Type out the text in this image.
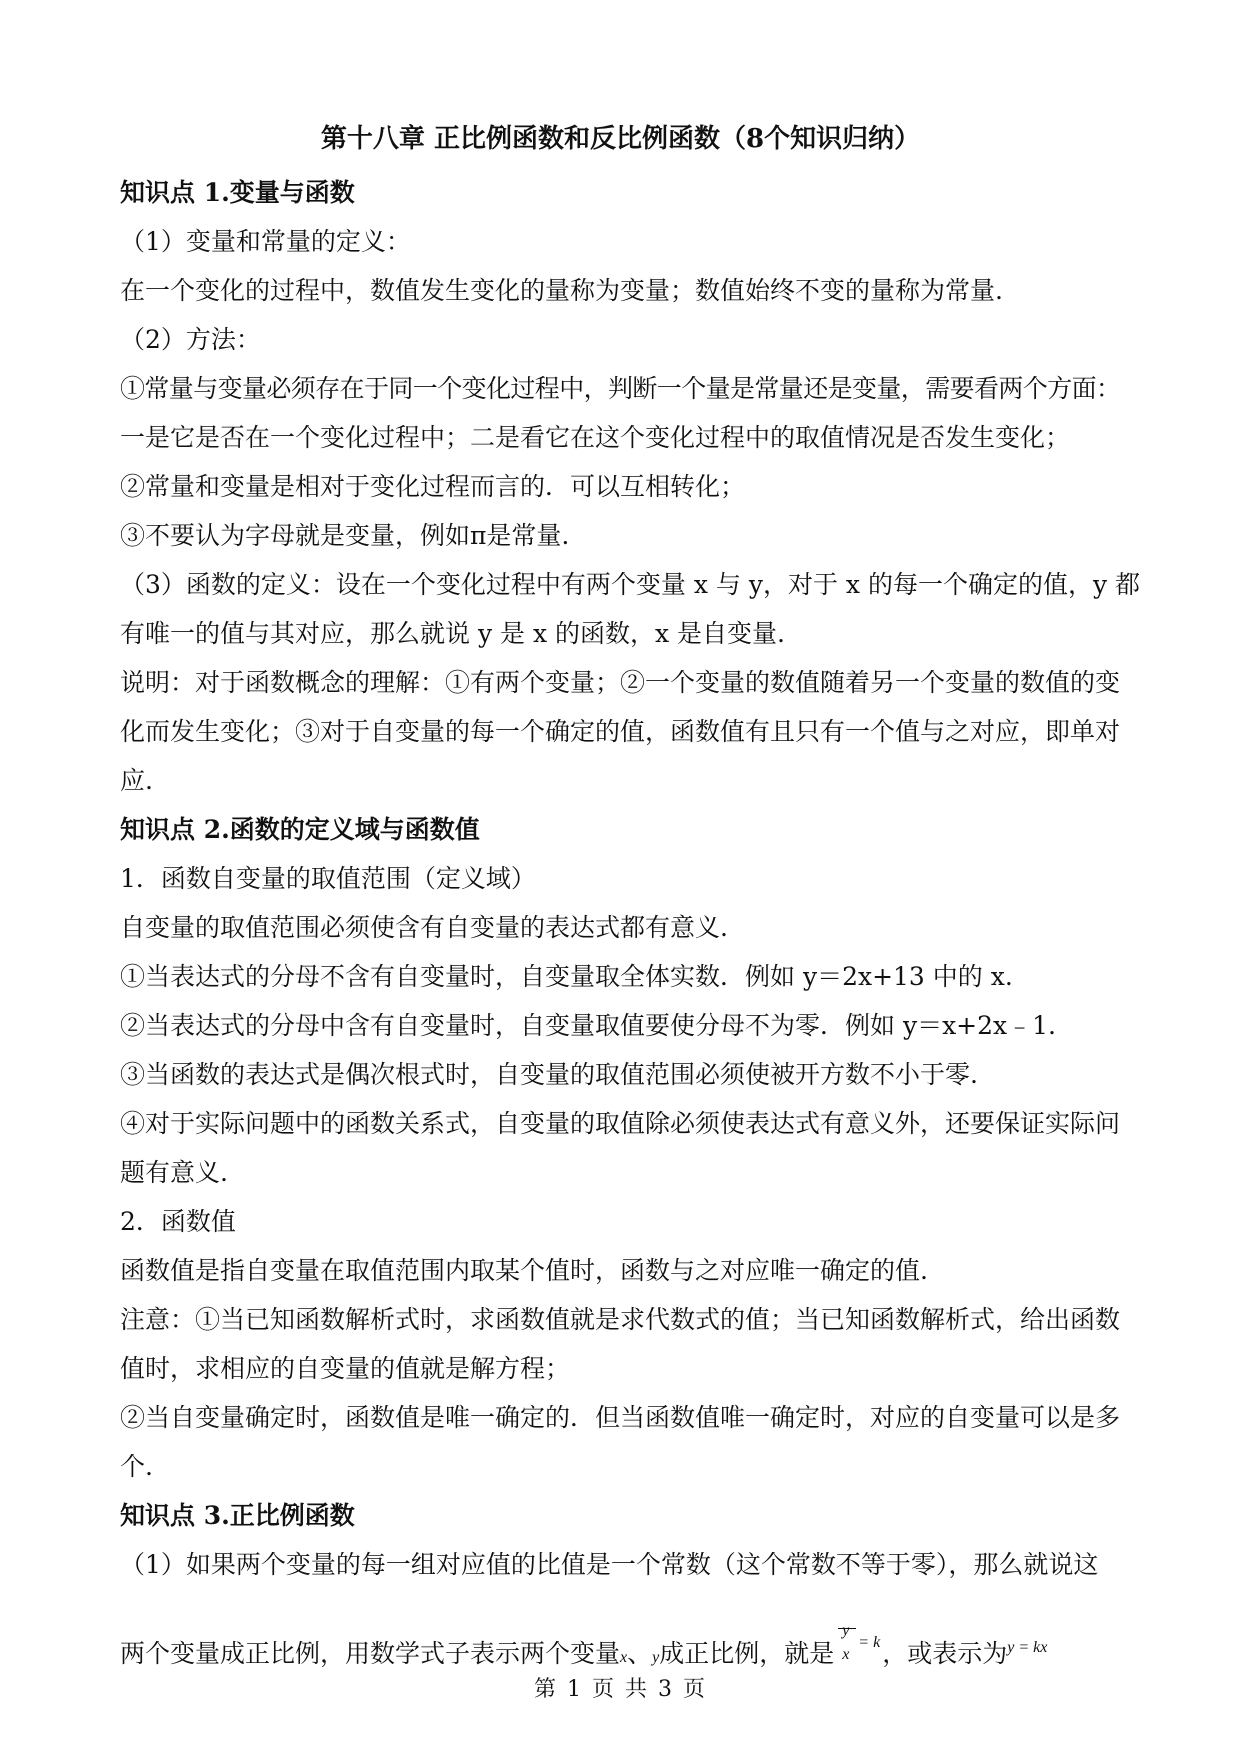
第十八章 正比例函数和反比例函数（8个知识归纳）

知识点 1.变量与函数

（1）变量和常量的定义：

在一个变化的过程中，数值发生变化的量称为变量；数值始终不变的量称为常量.

（2）方法：

①常量与变量必须存在于同一个变化过程中，判断一个量是常量还是变量，需要看两个方面：

一是它是否在一个变化过程中；二是看它在这个变化过程中的取值情况是否发生变化；

②常量和变量是相对于变化过程而言的．可以互相转化；

③不要认为字母就是变量，例如π是常量.

（3）函数的定义：设在一个变化过程中有两个变量 x 与 y，对于 x 的每一个确定的值，y 都

有唯一的值与其对应，那么就说 y 是 x 的函数，x 是自变量.

说明：对于函数概念的理解：①有两个变量；②一个变量的数值随着另一个变量的数值的变

化而发生变化；③对于自变量的每一个确定的值，函数值有且只有一个值与之对应，即单对

应.

知识点 2.函数的定义域与函数值

1．函数自变量的取值范围（定义域）

自变量的取值范围必须使含有自变量的表达式都有意义.

①当表达式的分母不含有自变量时，自变量取全体实数．例如 y＝2x+13 中的 x.

②当表达式的分母中含有自变量时，自变量取值要使分母不为零．例如 y＝x+2x﹣1.

③当函数的表达式是偶次根式时，自变量的取值范围必须使被开方数不小于零.

④对于实际问题中的函数关系式，自变量的取值除必须使表达式有意义外，还要保证实际问

题有意义.

2．函数值

函数值是指自变量在取值范围内取某个值时，函数与之对应唯一确定的值.

注意：①当已知函数解析式时，求函数值就是求代数式的值；当已知函数解析式，给出函数

值时，求相应的自变量的值就是解方程；

②当自变量确定时，函数值是唯一确定的．但当函数值唯一确定时，对应的自变量可以是多

个.

知识点 3.正比例函数

（1）如果两个变量的每一组对应值的比值是一个常数（这个常数不等于零），那么就说这

两个变量成正比例，用数学式子表示两个变量x、y成正比例，就是
y
x
= k ，或表示为$^{y = kx}$
第 1 页 共 3 页
